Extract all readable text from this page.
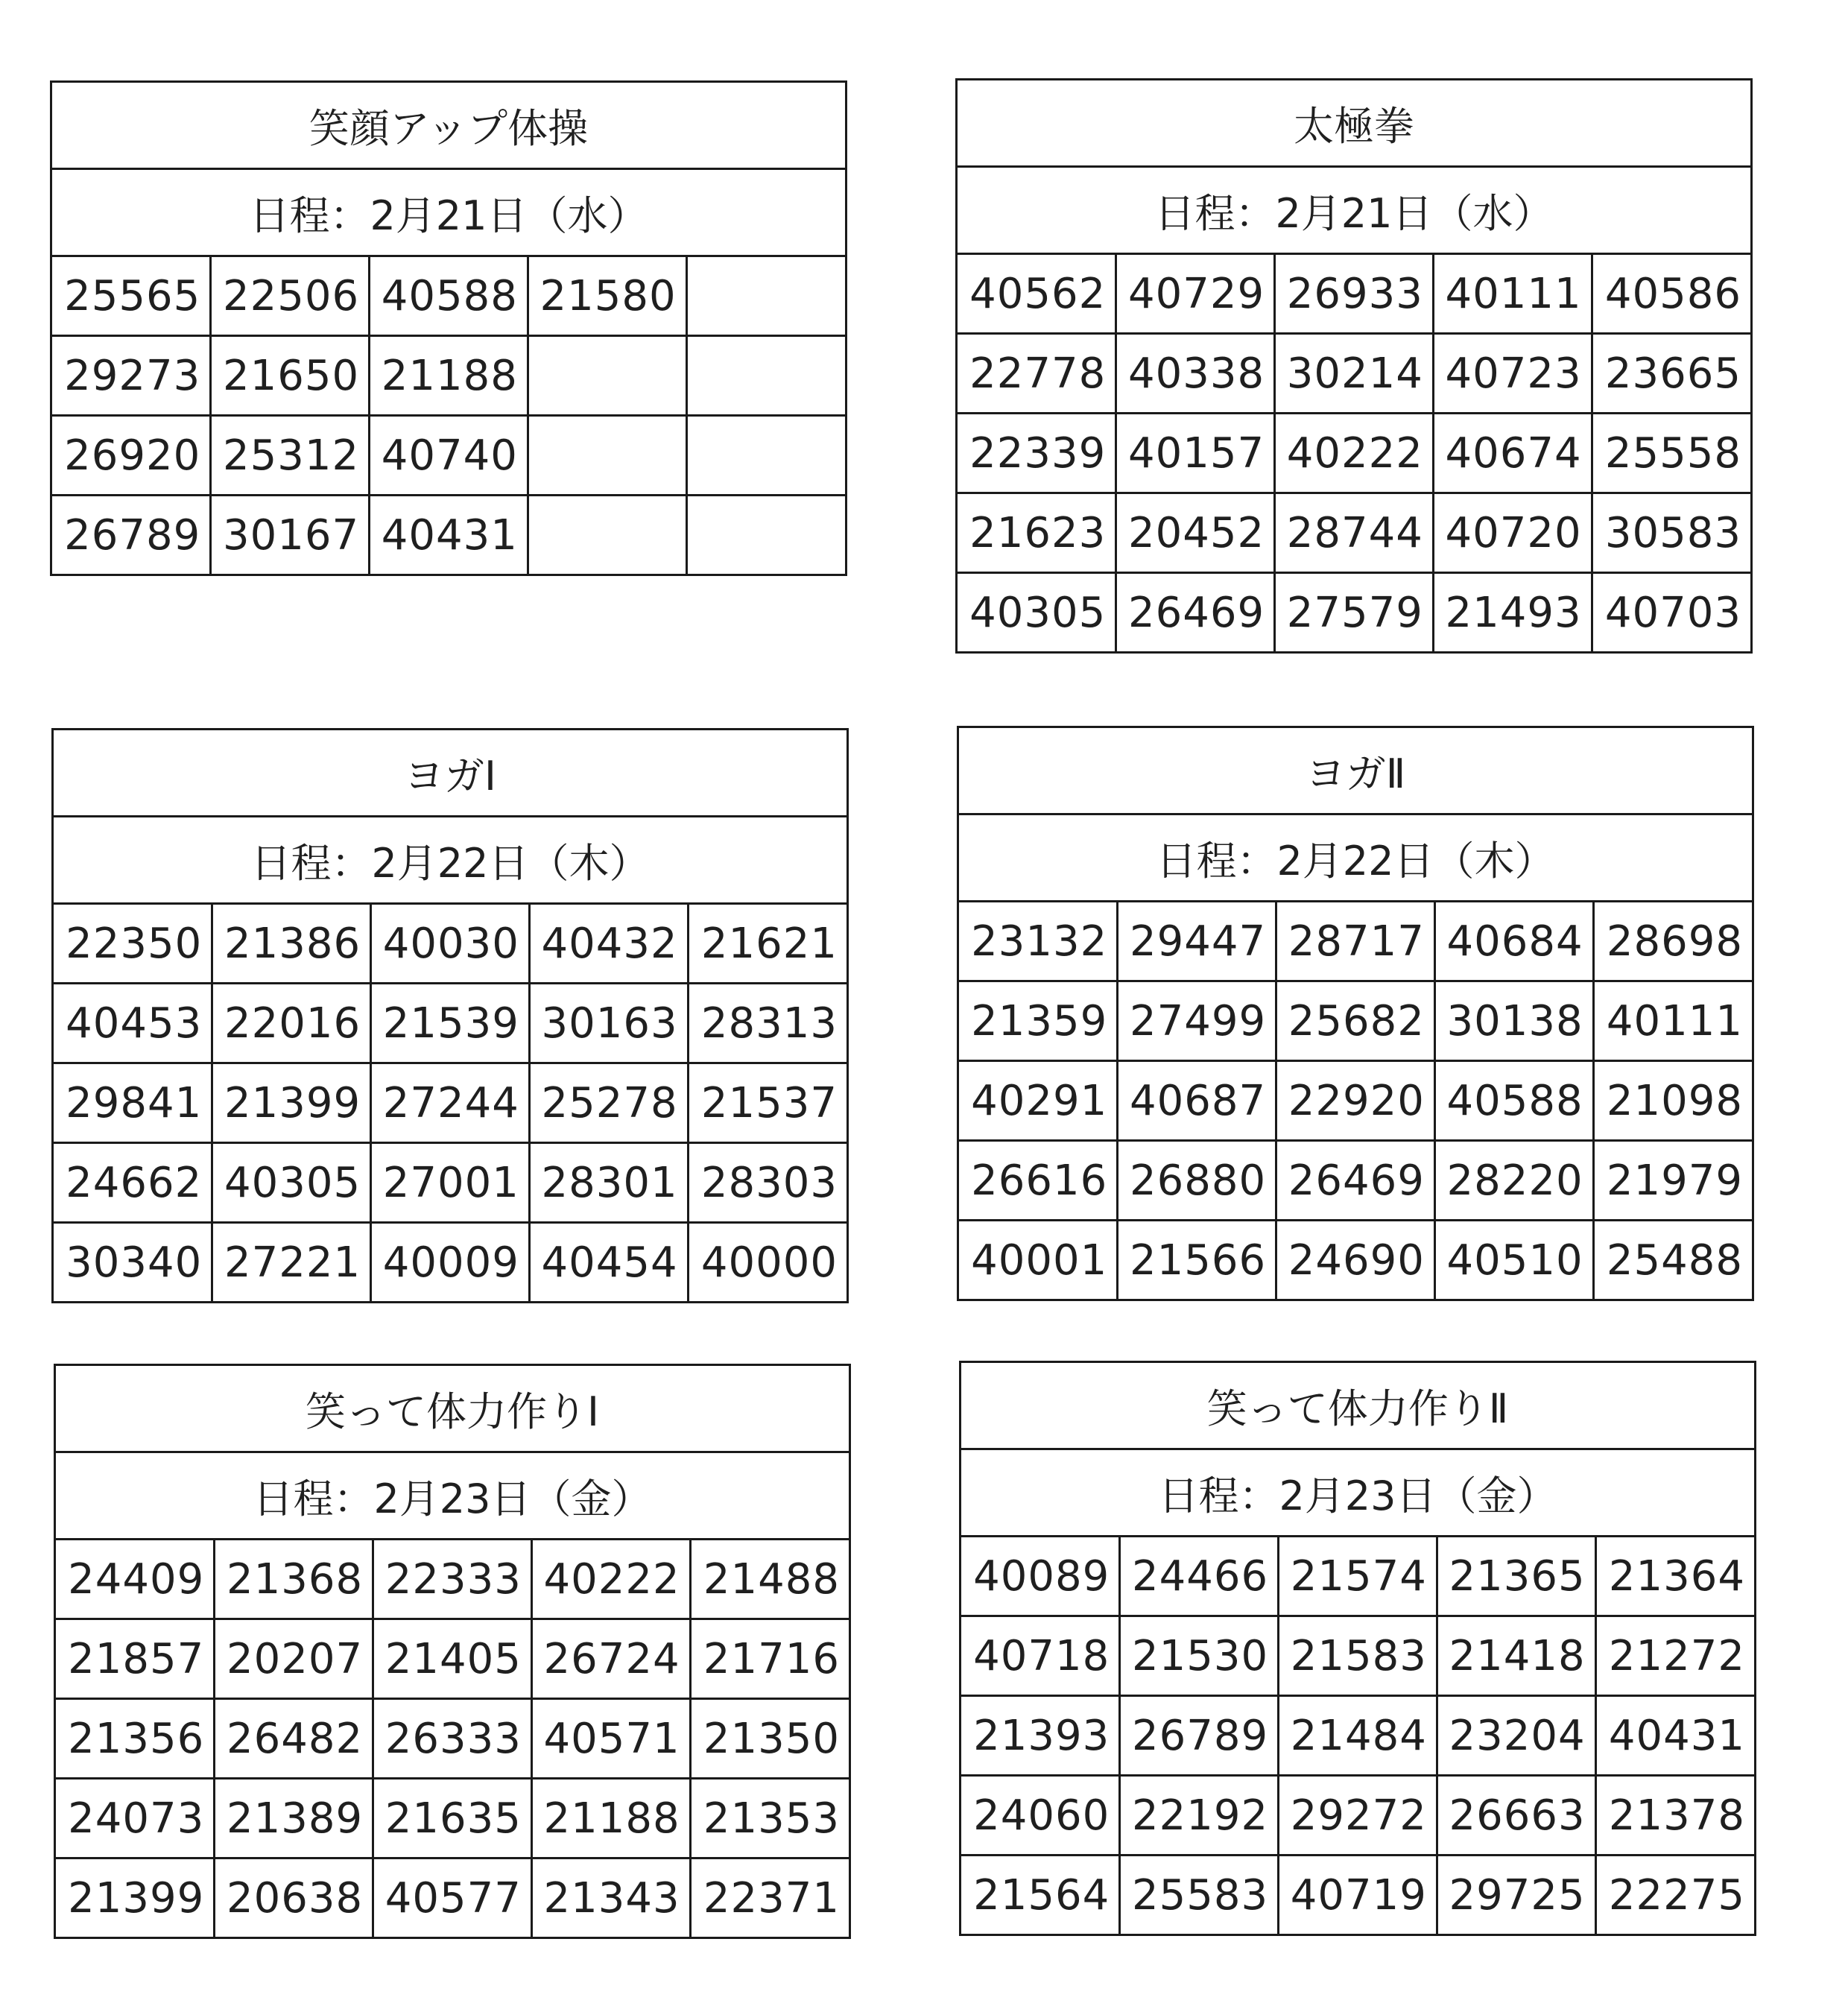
笑顔アップ体操
日程：2月21日（水）
25565	22506	40588	21580	
29273	21650	21188		
26920	25312	40740		
26789	30167	40431		
太極拳
日程：2月21日（水）
40562	40729	26933	40111	40586
22778	40338	30214	40723	23665
22339	40157	40222	40674	25558
21623	20452	28744	40720	30583
40305	26469	27579	21493	40703
ヨガⅠ
日程：2月22日（木）
22350	21386	40030	40432	21621
40453	22016	21539	30163	28313
29841	21399	27244	25278	21537
24662	40305	27001	28301	28303
30340	27221	40009	40454	40000
ヨガⅡ
日程：2月22日（木）
23132	29447	28717	40684	28698
21359	27499	25682	30138	40111
40291	40687	22920	40588	21098
26616	26880	26469	28220	21979
40001	21566	24690	40510	25488
笑って体力作りⅠ
日程：2月23日（金）
24409	21368	22333	40222	21488
21857	20207	21405	26724	21716
21356	26482	26333	40571	21350
24073	21389	21635	21188	21353
21399	20638	40577	21343	22371
笑って体力作りⅡ
日程：2月23日（金）
40089	24466	21574	21365	21364
40718	21530	21583	21418	21272
21393	26789	21484	23204	40431
24060	22192	29272	26663	21378
21564	25583	40719	29725	22275
